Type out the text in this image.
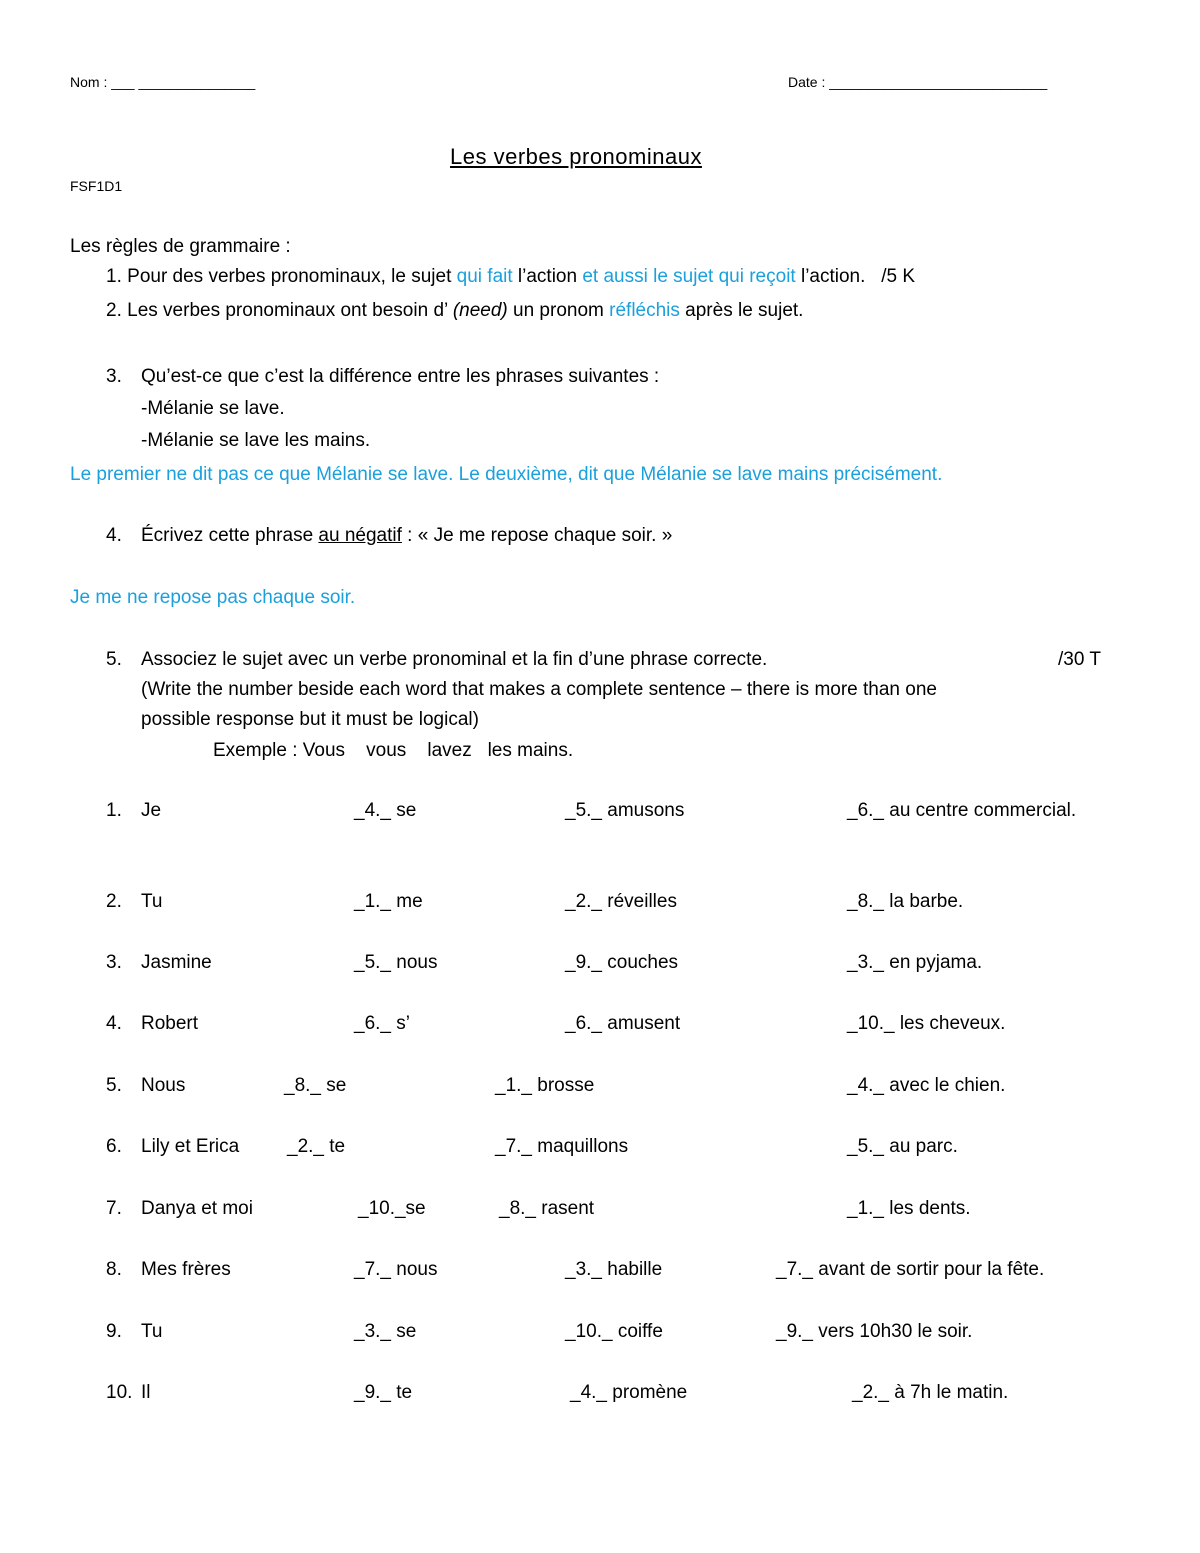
Nom : ___ _______________	Date : ____________________________
Les verbes pronominaux
FSF1D1
Les règles de grammaire :
1. Pour des verbes pronominaux, le sujet qui fait l’action et aussi le sujet qui reçoit l’action. /5 K
2. Les verbes pronominaux ont besoin d’ (need) un pronom réfléchis après le sujet.
3. Qu’est-ce que c’est la différence entre les phrases suivantes :
-Mélanie se lave.
-Mélanie se lave les mains.
Le premier ne dit pas ce que Mélanie se lave. Le deuxième, dit que Mélanie se lave mains précisément.
4. Écrivez cette phrase au négatif : « Je me repose chaque soir. »
Je me ne repose pas chaque soir.
5. Associez le sujet avec un verbe pronominal et la fin d’une phrase correcte.	/30 T
(Write the number beside each word that makes a complete sentence – there is more than one
possible response but it must be logical)
Exemple : Vous    vous    lavez   les mains.
1. Je	_4._ se	_5._ amusons	_6._ au centre commercial.
2. Tu	_1._ me	_2._ réveilles	_8._ la barbe.
3. Jasmine	_5._ nous	_9._ couches	_3._ en pyjama.
4. Robert	_6._ s’	_6._ amusent	_10._ les cheveux.
5. Nous	_8._ se	_1._ brosse	_4._ avec le chien.
6. Lily et Erica	_2._ te	_7._ maquillons	_5._ au parc.
7. Danya et moi	_10._se	_8._ rasent	_1._ les dents.
8. Mes frères	_7._ nous	_3._ habille	_7._ avant de sortir pour la fête.
9. Tu	_3._ se	_10._ coiffe	_9._ vers 10h30 le soir.
10. Il	_9._ te	_4._ promène	_2._ à 7h le matin.
